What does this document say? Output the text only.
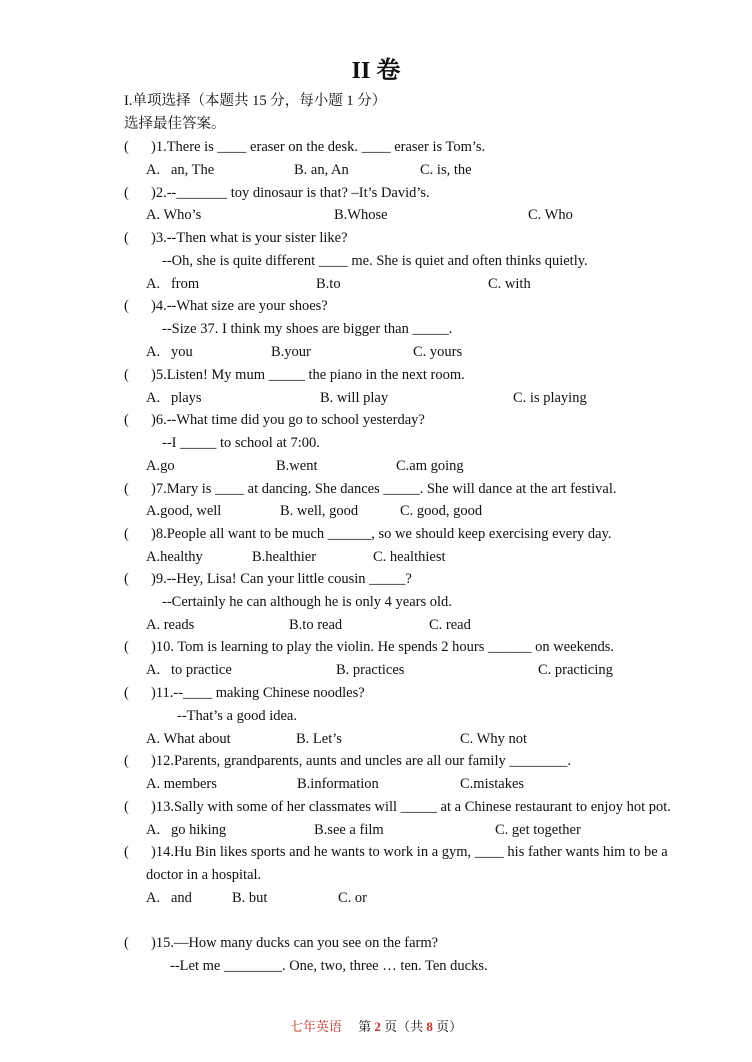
II 卷
I.单项选择（本题共 15 分，每小题 1 分）
选择最佳答案。
( )1.There is ____ eraser on the desk. ____ eraser is Tom’s.
A.   an, The	B. an, An	C. is, the
( )2.--_______ toy dinosaur is that? –It’s David’s.
A. Who’s	B.Whose	C. Who
( )3.--Then what is your sister like?
--Oh, she is quite different ____ me. She is quiet and often thinks quietly.
A.   from	B.to	C. with
( )4.--What size are your shoes?
--Size 37. I think my shoes are bigger than _____.
A.   you	B.your	C. yours
( )5.Listen! My mum _____ the piano in the next room.
A.   plays	B. will play	C. is playing
( )6.--What time did you go to school yesterday?
--I _____ to school at 7:00.
A.go	B.went	C.am going
( )7.Mary is ____ at dancing. She dances _____. She will dance at the art festival.
A.good, well	B. well, good	C. good, good
( )8.People all want to be much ______, so we should keep exercising every day.
A.healthy	B.healthier	C. healthiest
( )9.--Hey, Lisa! Can your little cousin _____?
--Certainly he can although he is only 4 years old.
A. reads	B.to read	C. read
( )10. Tom is learning to play the violin. He spends 2 hours ______ on weekends.
A.   to practice	B. practices	C. practicing
( )11.--____ making Chinese noodles?
--That’s a good idea.
A. What about	B. Let’s	C. Why not
( )12.Parents, grandparents, aunts and uncles are all our family ________.
A. members	B.information	C.mistakes
( )13.Sally with some of her classmates will _____ at a Chinese restaurant to enjoy hot pot.
A.   go hiking	B.see a film	C. get together
( )14.Hu Bin likes sports and he wants to work in a gym, ____ his father wants him to be a
doctor in a hospital.
A.   and	B. but	C. or
( )15.—How many ducks can you see on the farm?
--Let me ________. One, two, three … ten. Ten ducks.
七年英语 第 2 页（共 8 页）
